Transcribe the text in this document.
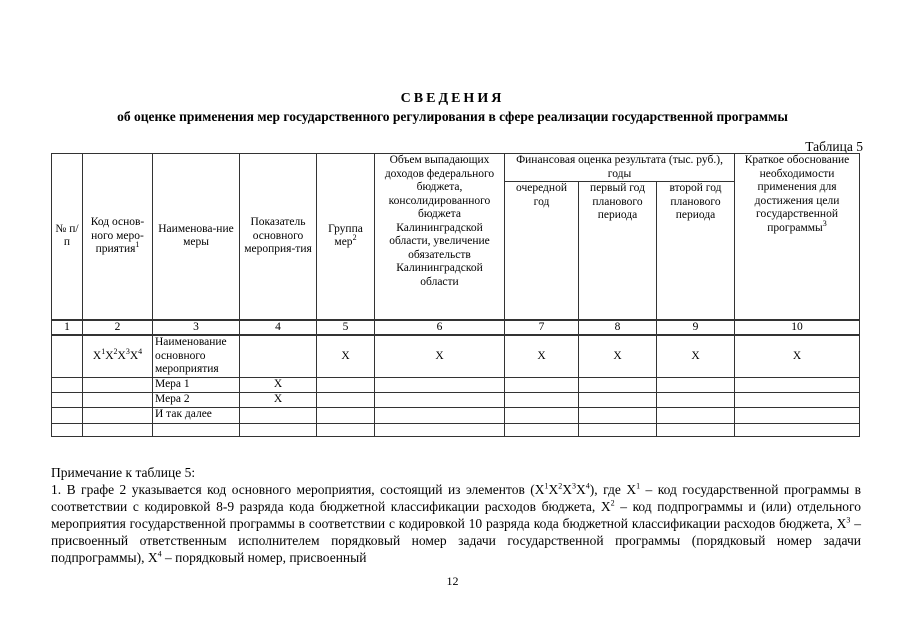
СВЕДЕНИЯ
об оценке применения мер государственного регулирования в сфере реализации государственной программы
Таблица 5
№ п/п	Код основ-ного меро-приятия$^1$	Наименова-ние меры	Показатель основного мероприя-тия	Группа мер$^2$	Объем выпадающих доходов федерального бюджета, консолидированного бюджета Калининградской области, увеличение обязательств Калининградской области	Финансовая оценка результата (тыс. руб.), годы			Краткое обоснование необходимости применения для достижения цели государственной программы$^3$
						очередной год	первый год планового периода	второй год планового периода	
1	2	3	4	5	6	7	8	9	10
	$X^1X^2X^3X^4$	Наименование основного мероприятия		X	X	X	X	X	X
		Мера 1	X						
		Мера 2	X						
		И так далее							

Примечание к таблице 5:

1. В графе 2 указывается код основного мероприятия, состоящий из элементов $(X^1X^2X^3X^4)$, где $X^1$ – код государственной программы в соответствии с кодировкой 8-9 разряда кода бюджетной классификации расходов бюджета, $X^2$ – код подпрограммы и (или) отдельного мероприятия государственной программы в соответствии с кодировкой 10 разряда кода бюджетной классификации расходов бюджета, $X^3$ – присвоенный ответственным исполнителем порядковый номер задачи государственной программы (порядковый номер задачи подпрограммы), $X^4$ – порядковый номер, присвоенный

12
